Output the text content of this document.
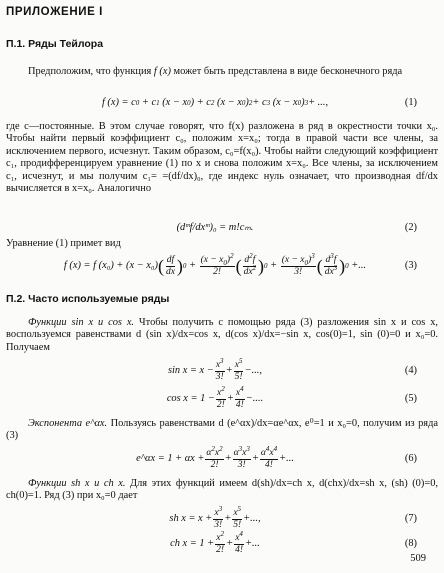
ПРИЛОЖЕНИЕ I
П.1. Ряды Тейлора

Предположим, что функция f (x) может быть представлена в виде бесконечного ряда

f (x) = c 0 + c 1 (x − x 0 ) + c 2 (x − x 0 ) 2 + c 3 (x − x 0 ) 3 + ...,	(1)

где c—постоянные. В этом случае говорят, что f(x) разложена в ряд в окрестности точки x₀. Чтобы найти первый коэффициент c₀, положим x=x₀; тогда в правой части все члены, за исключением первого, исчезнут. Таким образом, c₀=f(x₀). Чтобы найти следующий коэффициент c₁, продифференцируем уравнение (1) по x и снова положим x=x₀. Все члены, за исключением c₁, исчезнут, и мы получим c₁= =(df/dx)₀, где индекс нуль означает, что производная df/dx вычисляется в x=x₀. Аналогично

(dᵐf/dxᵐ)₀ = m!cₘ.	(2)

Уравнение (1) примет вид

f (x) = f (x₀) + (x − x₀) ( df
dx ) $0 + (x - x_0)^2$
2! ( $d^2f$
$dx^2$ ) $0 + (x - x_0)^3$
3! ( $d^3f$
$dx^3$ ) 0 + ...	(3)
П.2. Часто используемые ряды

Функции sin x и cos x. Чтобы получить с помощью ряда (3) разложения sin x и cos x, воспользуемся равенствами d (sin x)/dx=cos x, d(cos x)/dx=−sin x, cos(0)=1, sin (0)=0 и x₀=0. Получаем

$\sin x = x - \frac{x^3}{3!} + x^5$
5!
− ... ,	(4)
$\cos x = 1 - \frac{x^2}{2!} + x^4$
4!
− ... .	(5)

Экспонента e^αx. Пользуясь равенствами d (e^αx)/dx=αe^αx, e⁰=1 и x₀=0, получим из ряда (3)

e^αx = $1 + \alpha x + \frac{\alpha^2x^2}{2!} + \alpha^3x^3$
3!
+ $\alpha^4x^4$
4!
+ ...	(6)

Функции sh x и ch x. Для этих функций имеем d(sh)/dx=ch x, d(chx)/dx=sh x, (sh) (0)=0, ch(0)=1. Ряд (3) при x₀=0 дает

sh $x = x + \frac{x^3}{3!} + x^5$
5!
+ ... ,	(7)
ch $x = 1 + \frac{x^2}{2!} + x^4$
4!
+ ...	(8)
509
